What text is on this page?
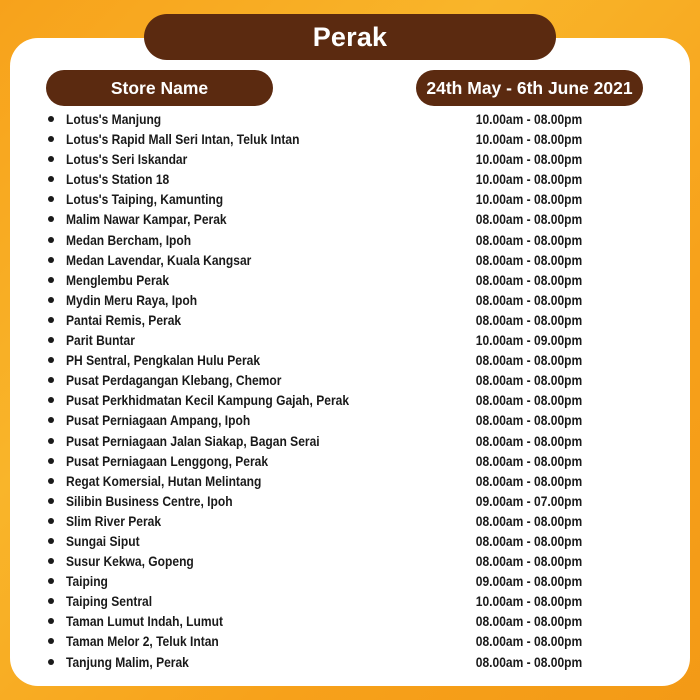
Perak
Store Name	24th May - 6th June 2021
Lotus's Manjung	10.00am - 08.00pm
Lotus's Rapid Mall Seri Intan, Teluk Intan	10.00am - 08.00pm
Lotus's Seri Iskandar	10.00am - 08.00pm
Lotus's Station 18	10.00am - 08.00pm
Lotus's Taiping, Kamunting	10.00am - 08.00pm
Malim Nawar Kampar, Perak	08.00am - 08.00pm
Medan Bercham, Ipoh	08.00am - 08.00pm
Medan Lavendar, Kuala Kangsar	08.00am - 08.00pm
Menglembu Perak	08.00am - 08.00pm
Mydin Meru Raya, Ipoh	08.00am - 08.00pm
Pantai Remis, Perak	08.00am - 08.00pm
Parit Buntar	10.00am - 09.00pm
PH Sentral, Pengkalan Hulu Perak	08.00am - 08.00pm
Pusat Perdagangan Klebang, Chemor	08.00am - 08.00pm
Pusat Perkhidmatan Kecil Kampung Gajah, Perak	08.00am - 08.00pm
Pusat Perniagaan Ampang, Ipoh	08.00am - 08.00pm
Pusat Perniagaan Jalan Siakap, Bagan Serai	08.00am - 08.00pm
Pusat Perniagaan Lenggong, Perak	08.00am - 08.00pm
Regat Komersial, Hutan Melintang	08.00am - 08.00pm
Silibin Business Centre, Ipoh	09.00am - 07.00pm
Slim River Perak	08.00am - 08.00pm
Sungai Siput	08.00am - 08.00pm
Susur Kekwa, Gopeng	08.00am - 08.00pm
Taiping	09.00am - 08.00pm
Taiping Sentral	10.00am - 08.00pm
Taman Lumut Indah, Lumut	08.00am - 08.00pm
Taman Melor 2, Teluk Intan	08.00am - 08.00pm
Tanjung Malim, Perak	08.00am - 08.00pm
